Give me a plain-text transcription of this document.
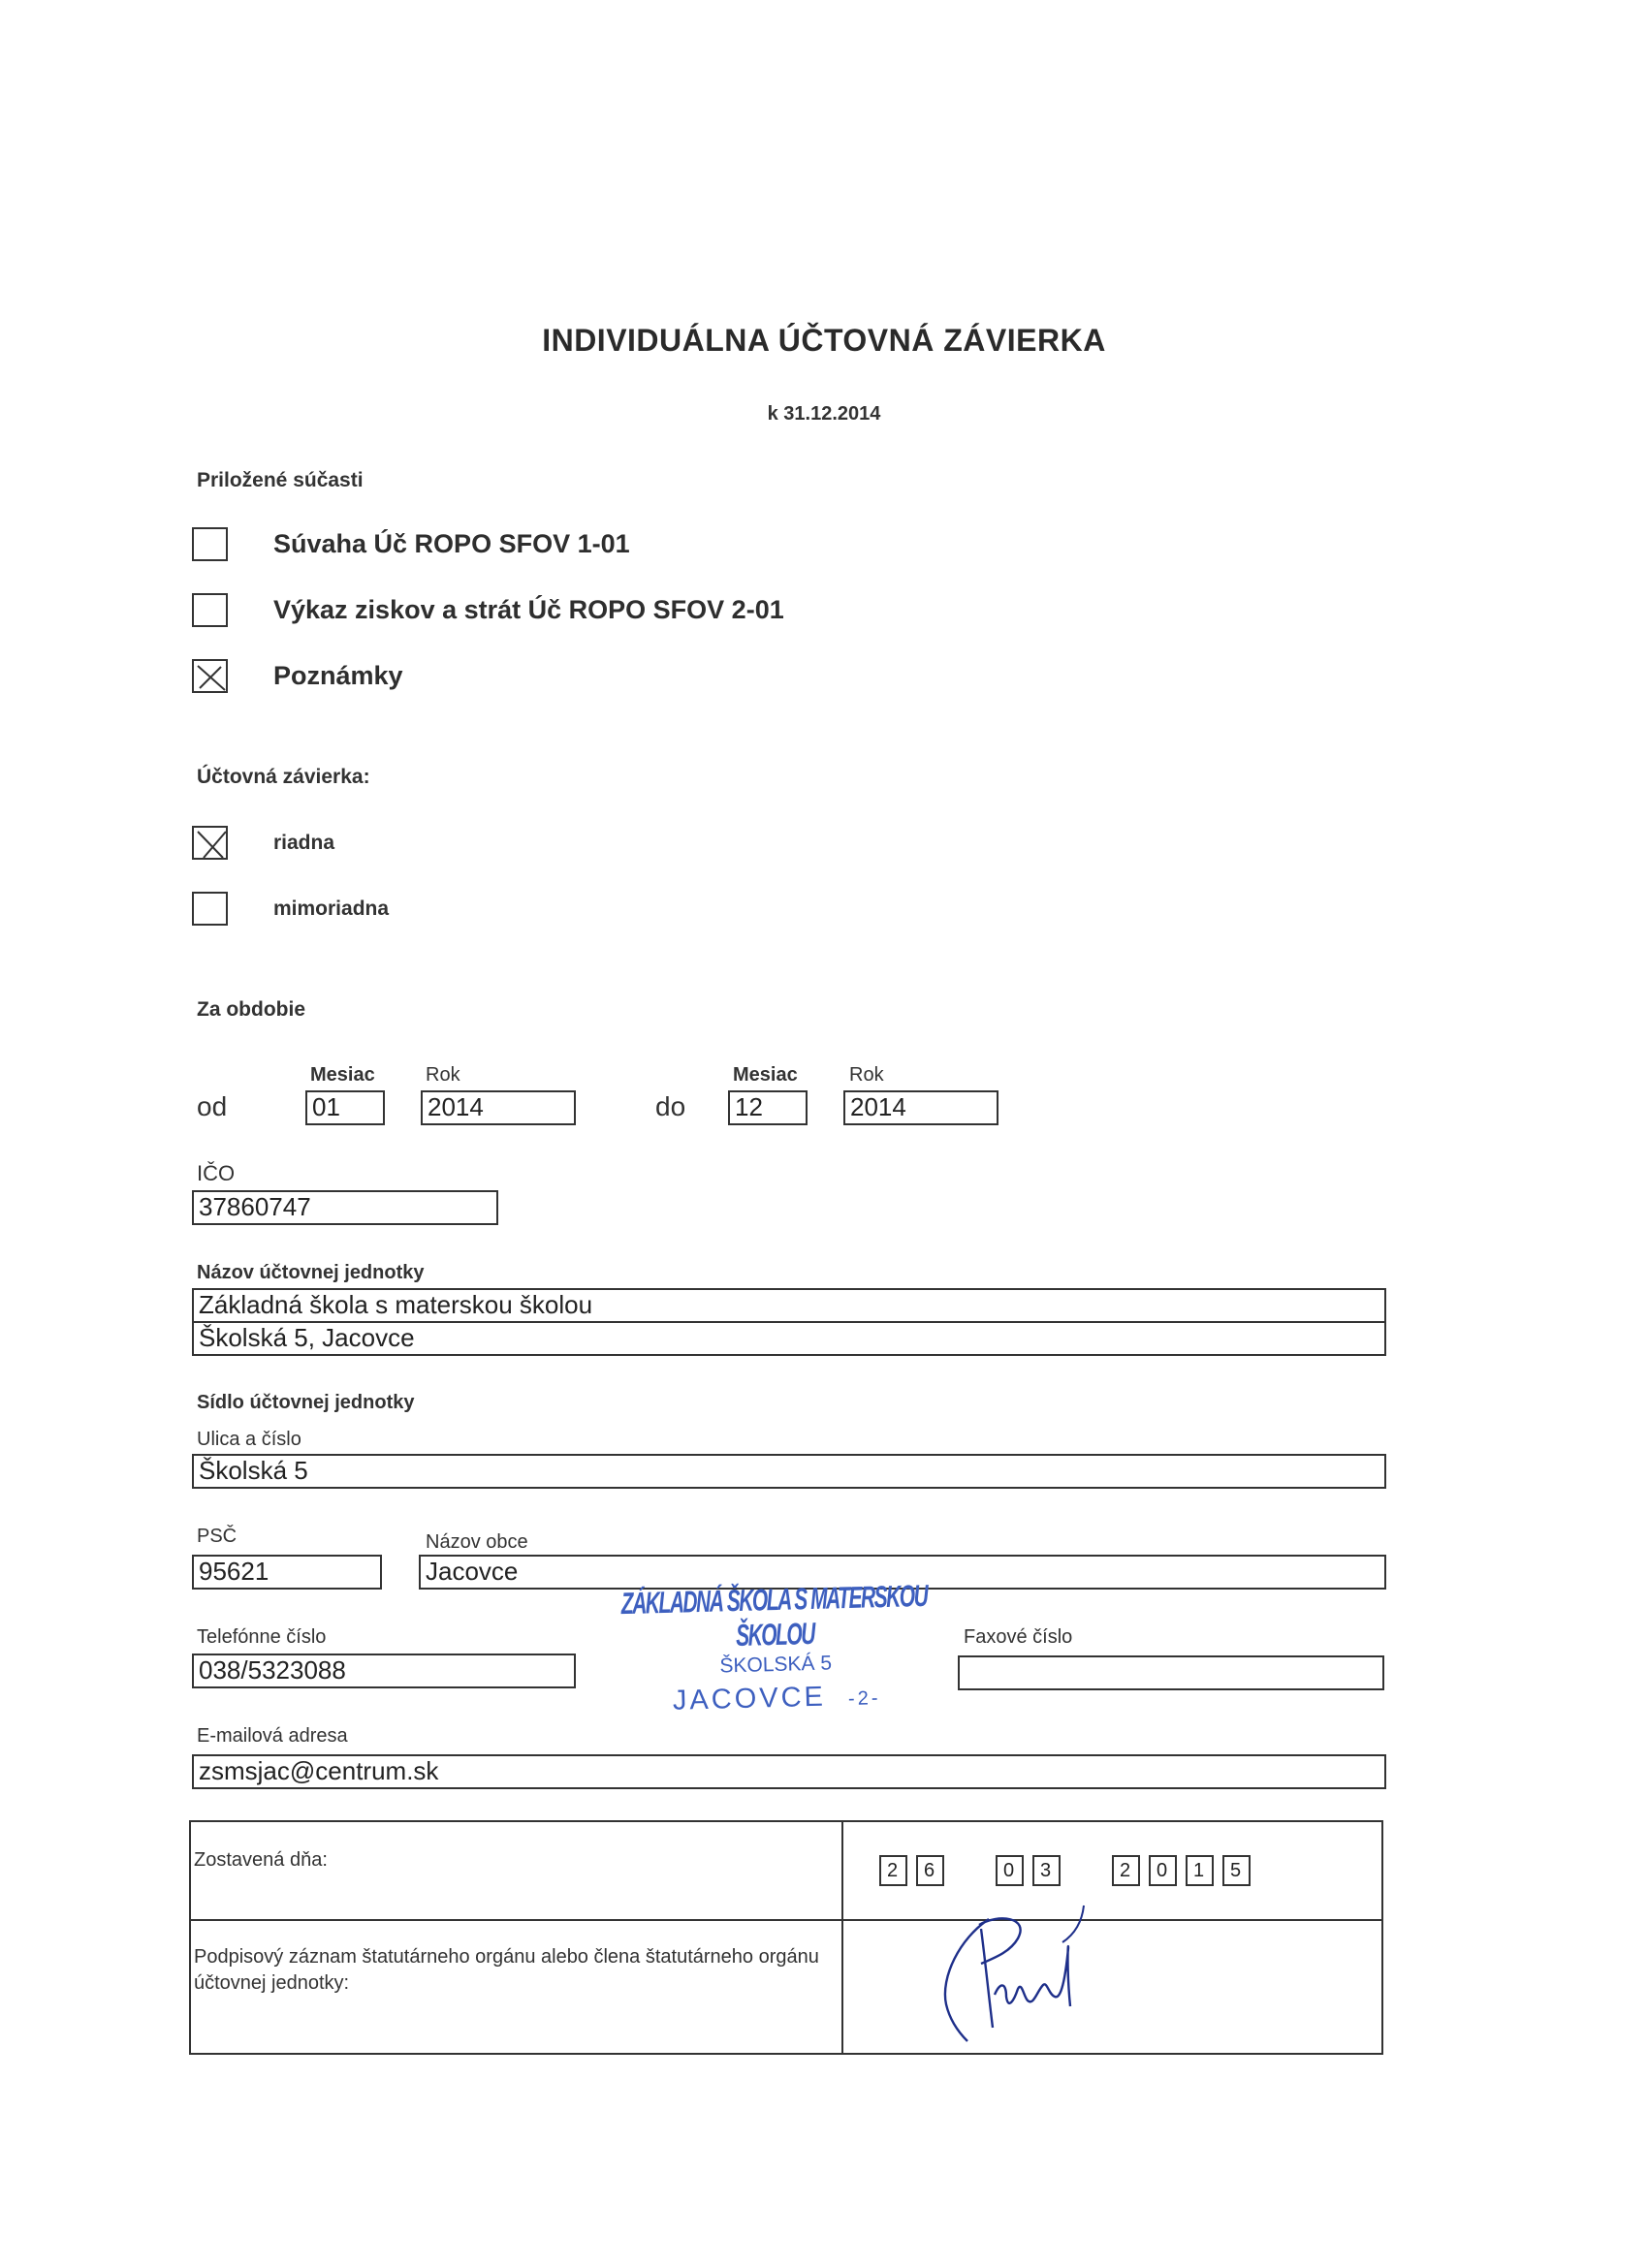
INDIVIDUÁLNA ÚČTOVNÁ ZÁVIERKA
k 31.12.2014
Priložené súčasti
Súvaha Úč ROPO SFOV 1-01
Výkaz ziskov a strát Úč ROPO SFOV 2-01
Poznámky
Účtovná závierka:
riadna
mimoriadna
Za obdobie
Mesiac	Rok	Mesiac	Rok
od	01	2014	do 12	2014
IČO
37860747
Názov účtovnej jednotky
Základná škola s materskou školou
Školská 5, Jacovce
Sídlo účtovnej jednotky
Ulica a číslo
Školská 5
PSČ	Názov obce
95621	Jacovce
ZÁKLADNÁ ŠKOLA S MATERSKOU ŠKOLOU
ŠKOLSKÁ 5
JACOVCE -2-
Telefónne číslo
038/5323088
Faxové číslo
E-mailová adresa
zsmsjac@centrum.sk
Zostavená dňa:	2	6	0	3	2	0	1	5
Podpisový záznam štatutárneho orgánu alebo člena štatutárneho orgánu účtovnej jednotky:
